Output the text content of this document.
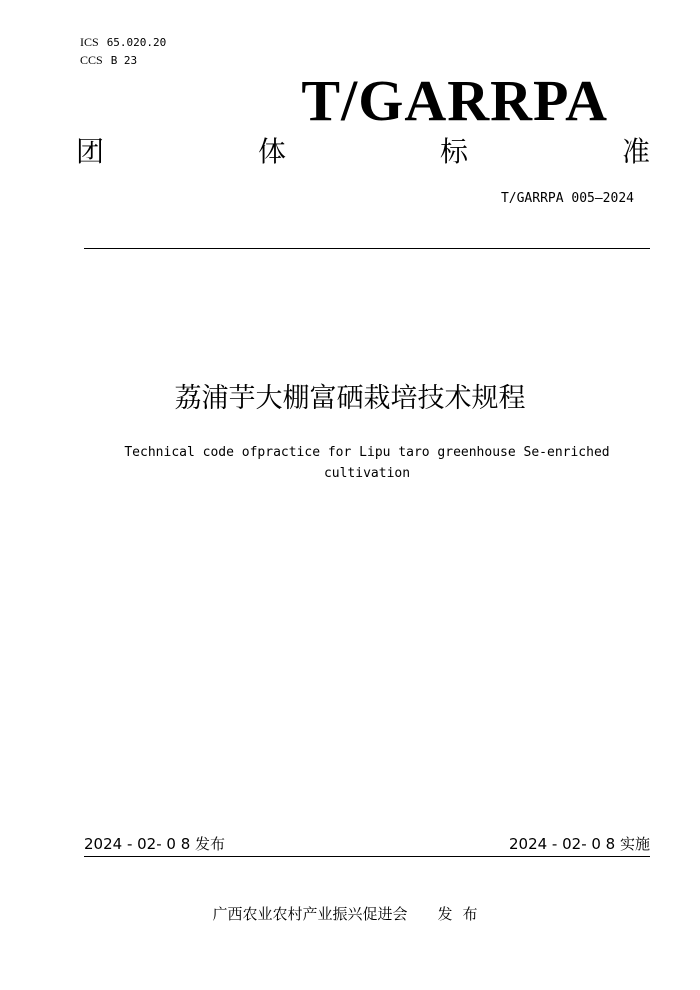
ICS 65.020.20
CCS B 23
T/GARRPA
团	体	标	准
T/GARRPA 005—2024
荔浦芋大棚富硒栽培技术规程
Technical code ofpractice for Lipu taro greenhouse Se-enriched cultivation
2024 - 02- 0 8 发布	2024 - 02- 0 8 实施
广西农业农村产业振兴促进会 发布
